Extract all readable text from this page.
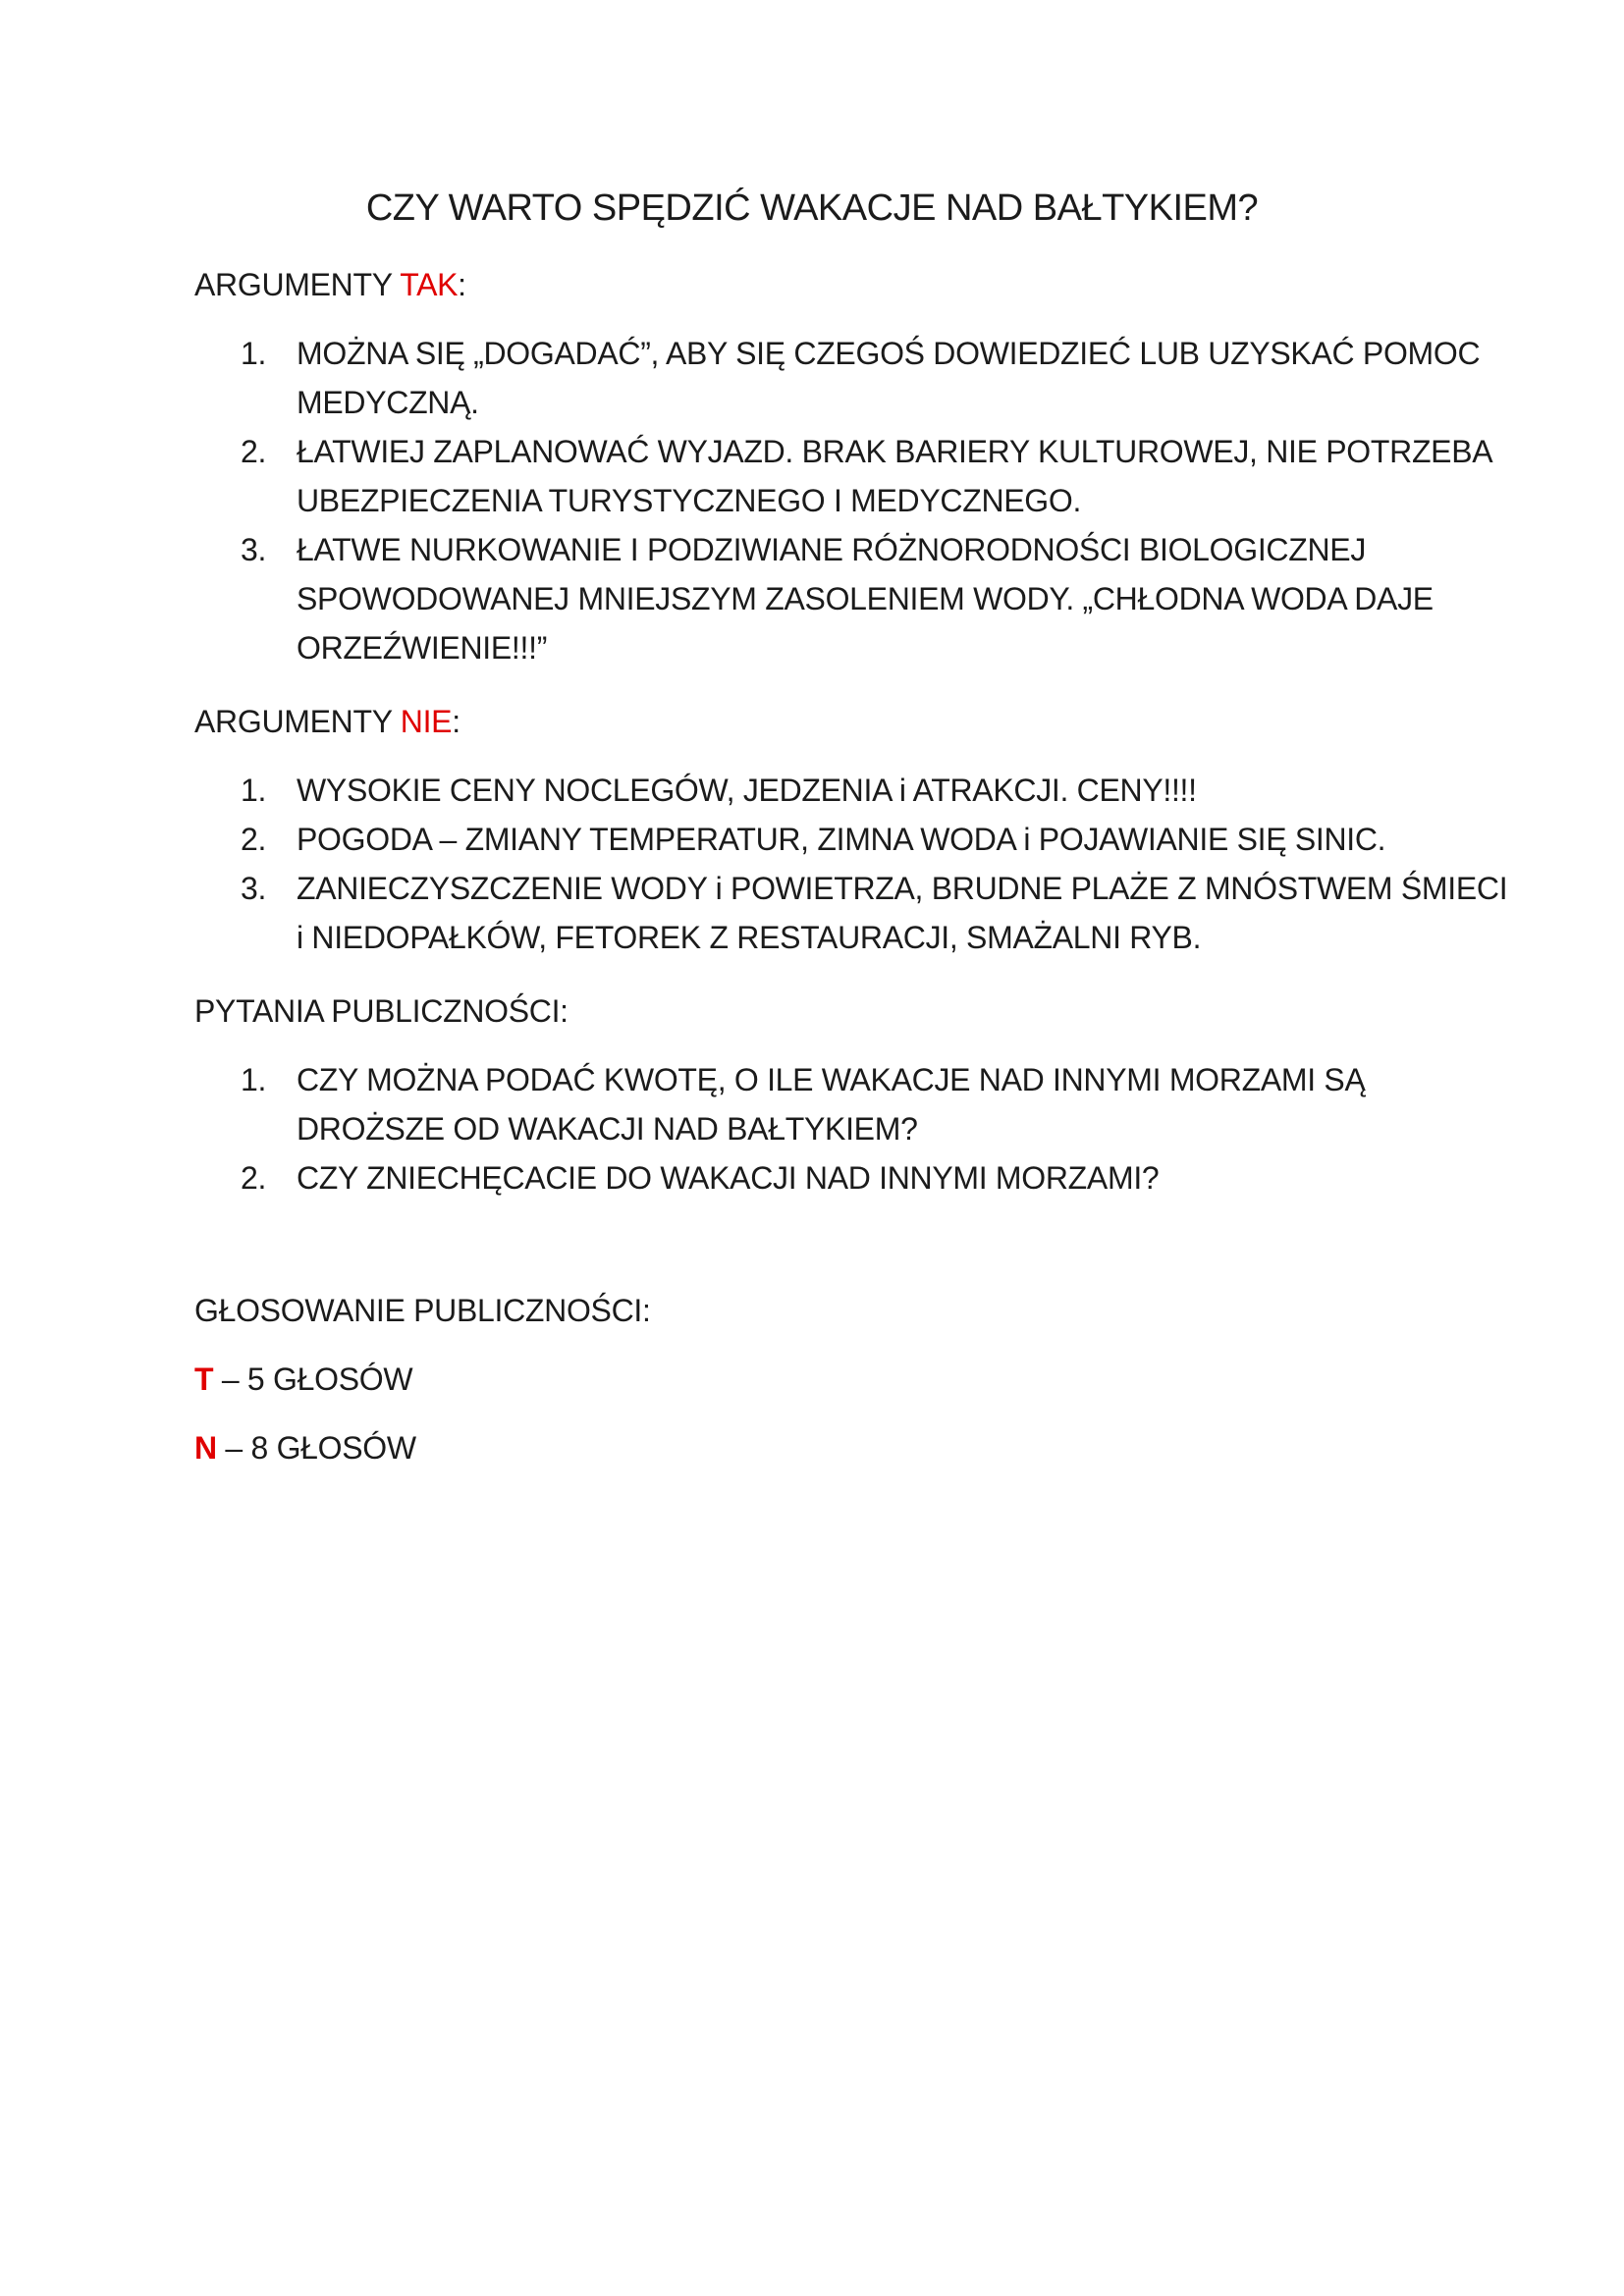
CZY WARTO SPĘDZIĆ WAKACJE NAD BAŁTYKIEM?
ARGUMENTY TAK:
1. MOŻNA SIĘ „DOGADAĆ”, ABY SIĘ CZEGOŚ DOWIEDZIEĆ LUB UZYSKAĆ POMOC
MEDYCZNĄ.
2. ŁATWIEJ ZAPLANOWAĆ WYJAZD. BRAK BARIERY KULTUROWEJ, NIE POTRZEBA
UBEZPIECZENIA TURYSTYCZNEGO I MEDYCZNEGO.
3. ŁATWE NURKOWANIE I PODZIWIANE RÓŻNORODNOŚCI BIOLOGICZNEJ
SPOWODOWANEJ MNIEJSZYM ZASOLENIEM WODY. „CHŁODNA WODA DAJE
ORZEŹWIENIE!!!”
ARGUMENTY NIE:
1. WYSOKIE CENY NOCLEGÓW, JEDZENIA i ATRAKCJI. CENY!!!!
2. POGODA – ZMIANY TEMPERATUR, ZIMNA WODA i POJAWIANIE SIĘ SINIC.
3. ZANIECZYSZCZENIE WODY i POWIETRZA, BRUDNE PLAŻE Z MNÓSTWEM ŚMIECI
i NIEDOPAŁKÓW, FETOREK Z RESTAURACJI, SMAŻALNI RYB.
PYTANIA PUBLICZNOŚCI:
1. CZY MOŻNA PODAĆ KWOTĘ, O ILE WAKACJE NAD INNYMI MORZAMI SĄ
DROŻSZE OD WAKACJI NAD BAŁTYKIEM?
2. CZY ZNIECHĘCACIE DO WAKACJI NAD INNYMI MORZAMI?
GŁOSOWANIE PUBLICZNOŚCI:
T – 5 GŁOSÓW
N – 8 GŁOSÓW
